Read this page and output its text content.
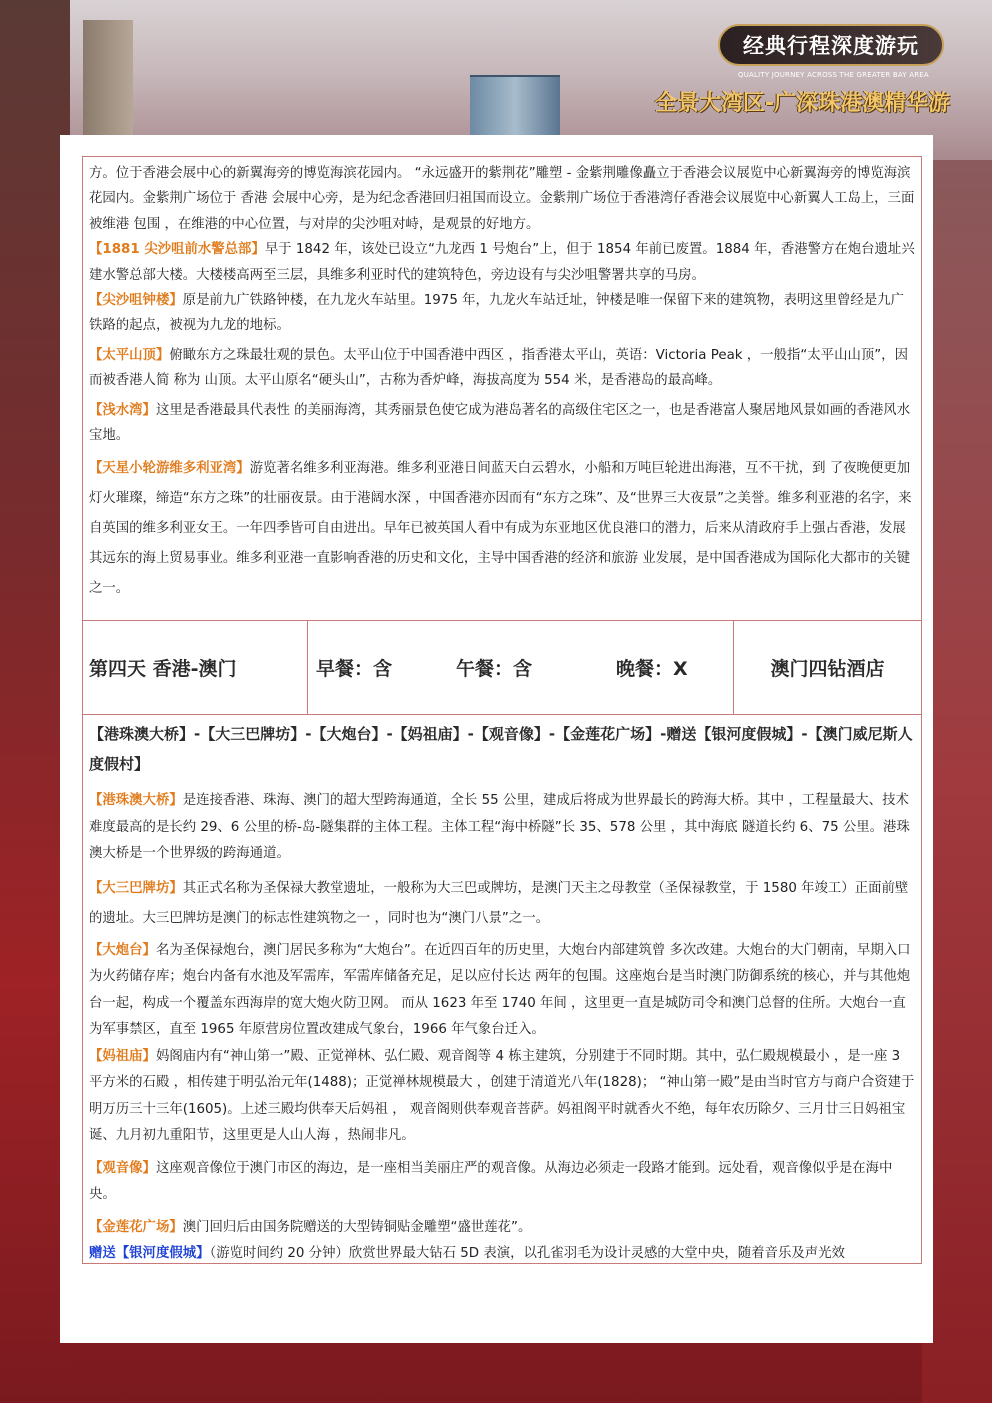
经典行程深度游玩
QUALITY JOURNEY ACROSS THE GREATER BAY AREA
全景大湾区-广深珠港澳精华游

方。位于香港会展中心的新翼海旁的博览海滨花园内。 “永远盛开的紫荆花”雕塑 - 金紫荆雕像矗立于香港会议展览中心新翼海旁的博览海滨花园内。金紫荆广场位于 香港 会展中心旁，是为纪念香港回归祖国而设立。金紫荆广场位于香港湾仔香港会议展览中心新翼人工岛上，三面被维港 包围 ，在维港的中心位置，与对岸的尖沙咀对峙，是观景的好地方。

【1881 尖沙咀前水警总部】早于 1842 年，该处已设立“九龙西 1 号炮台”上，但于 1854 年前已废置。1884 年，香港警方在炮台遗址兴建水警总部大楼。大楼楼高两至三层，具维多利亚时代的建筑特色，旁边设有与尖沙咀警署共享的马房。

【尖沙咀钟楼】原是前九广铁路钟楼，在九龙火车站里。1975 年，九龙火车站迁址，钟楼是唯一保留下来的建筑物，表明这里曾经是九广铁路的起点，被视为九龙的地标。

【太平山顶】俯瞰东方之珠最壮观的景色。太平山位于中国香港中西区 ，指香港太平山，英语：Victoria Peak ，一般指“太平山山顶”，因而被香港人简 称为 山顶。太平山原名“硬头山”，古称为香炉峰，海拔高度为 554 米，是香港岛的最高峰。

【浅水湾】这里是香港最具代表性 的美丽海湾，其秀丽景色使它成为港岛著名的高级住宅区之一，也是香港富人聚居地风景如画的香港风水宝地。

【天星小轮游维多利亚湾】游览著名维多利亚海港。维多利亚港日间蓝天白云碧水，小船和万吨巨轮进出海港，互不干扰，到 了夜晚便更加灯火璀璨，缔造“东方之珠”的壮丽夜景。由于港阔水深 ，中国香港亦因而有“东方之珠”、及“世界三大夜景”之美誉。维多利亚港的名字，来自英国的维多利亚女王。一年四季皆可自由进出。早年已被英国人看中有成为东亚地区优良港口的潜力，后来从清政府手上强占香港，发展其远东的海上贸易事业。维多利亚港一直影响香港的历史和文化，主导中国香港的经济和旅游 业发展，是中国香港成为国际化大都市的关键之一。

第四天 香港-澳门	早餐：含	午餐：含	晚餐：X	澳门四钻酒店

【港珠澳大桥】-【大三巴牌坊】-【大炮台】-【妈祖庙】-【观音像】-【金莲花广场】-赠送【银河度假城】-【澳门威尼斯人度假村】

【港珠澳大桥】是连接香港、珠海、澳门的超大型跨海通道，全长 55 公里，建成后将成为世界最长的跨海大桥。其中 ，工程量最大、技术难度最高的是长约 29、6 公里的桥-岛-隧集群的主体工程。主体工程“海中桥隧”长 35、578 公里 ，其中海底 隧道长约 6、75 公里。港珠澳大桥是一个世界级的跨海通道。

【大三巴牌坊】其正式名称为圣保禄大教堂遗址，一般称为大三巴或牌坊，是澳门天主之母教堂（圣保禄教堂，于 1580 年竣工）正面前壁的遗址。大三巴牌坊是澳门的标志性建筑物之一 ，同时也为“澳门八景”之一。

【大炮台】名为圣保禄炮台，澳门居民多称为“大炮台”。在近四百年的历史里，大炮台内部建筑曾 多次改建。大炮台的大门朝南，早期入口为火药储存库；炮台内备有水池及军需库，军需库储备充足，足以应付长达 两年的包围。这座炮台是当时澳门防御系统的核心，并与其他炮台一起，构成一个覆盖东西海岸的宽大炮火防卫网。 而从 1623 年至 1740 年间 ，这里更一直是城防司令和澳门总督的住所。大炮台一直为军事禁区，直至 1965 年原营房位置改建成气象台，1966 年气象台迁入。

【妈祖庙】妈阁庙内有“神山第一”殿、正觉禅林、弘仁殿、观音阁等 4 栋主建筑，分别建于不同时期。其中，弘仁殿规模最小 ，是一座 3 平方米的石殿 ，相传建于明弘治元年(1488)；正觉禅林规模最大 ，创建于清道光八年(1828)； “神山第一殿”是由当时官方与商户合资建于明万历三十三年(1605)。上述三殿均供奉天后妈祖 ， 观音阁则供奉观音菩萨。妈祖阁平时就香火不绝，每年农历除夕、三月廿三日妈祖宝诞、九月初九重阳节，这里更是人山人海 ，热闹非凡。

【观音像】这座观音像位于澳门市区的海边，是一座相当美丽庄严的观音像。从海边必须走一段路才能到。远处看，观音像似乎是在海中央。

【金莲花广场】澳门回归后由国务院赠送的大型铸铜贴金雕塑“盛世莲花”。

赠送【银河度假城】（游览时间约 20 分钟）欣赏世界最大钻石 5D 表演，以孔雀羽毛为设计灵感的大堂中央，随着音乐及声光效
